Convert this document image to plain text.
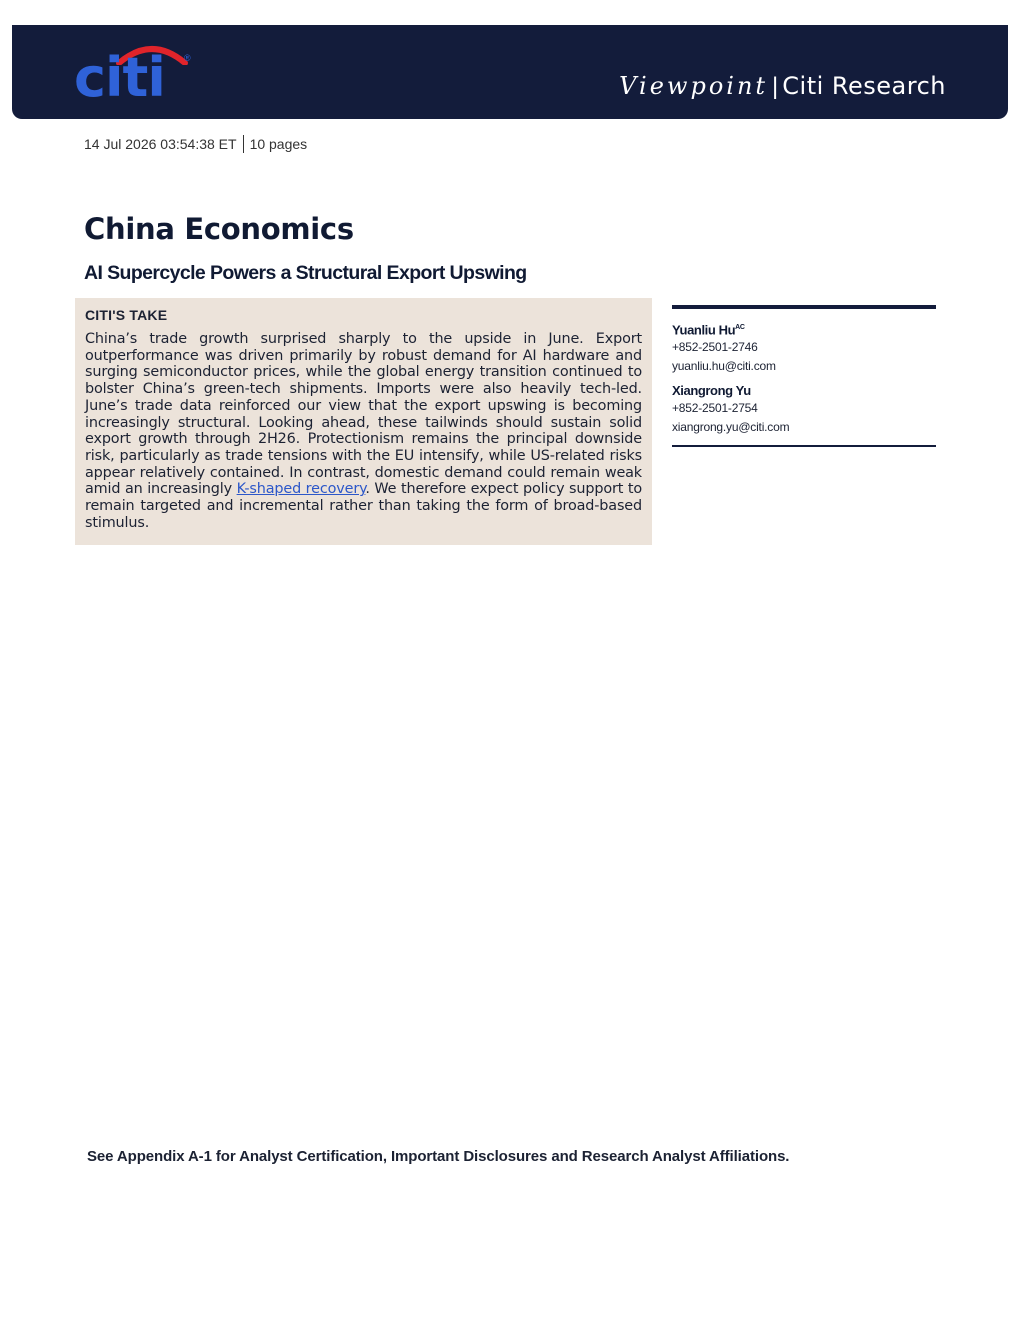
citi ®
Viewpoint | Citi Research
14 Jul 2026 03:54:38 ET 10 pages
China Economics
AI Supercycle Powers a Structural Export Upswing

CITI'S TAKE

China’s trade growth surprised sharply to the upside in June. Export outperformance was driven primarily by robust demand for AI hardware and surging semiconductor prices, while the global energy transition continued to bolster China’s green-tech shipments. Imports were also heavily tech-led. June’s trade data reinforced our view that the export upswing is becoming increasingly structural. Looking ahead, these tailwinds should sustain solid export growth through 2H26. Protectionism remains the principal downside risk, particularly as trade tensions with the EU intensify, while US-related risks appear relatively contained. In contrast, domestic demand could remain weak amid an increasingly K-shaped recovery. We therefore expect policy support to remain targeted and incremental rather than taking the form of broad-based stimulus.

Yuanliu $Hu^{AC}$
+852-2501-2746
yuanliu.hu@citi.com
Xiangrong Yu
+852-2501-2754
xiangrong.yu@citi.com
See Appendix A-1 for Analyst Certification, Important Disclosures and Research Analyst Affiliations.
